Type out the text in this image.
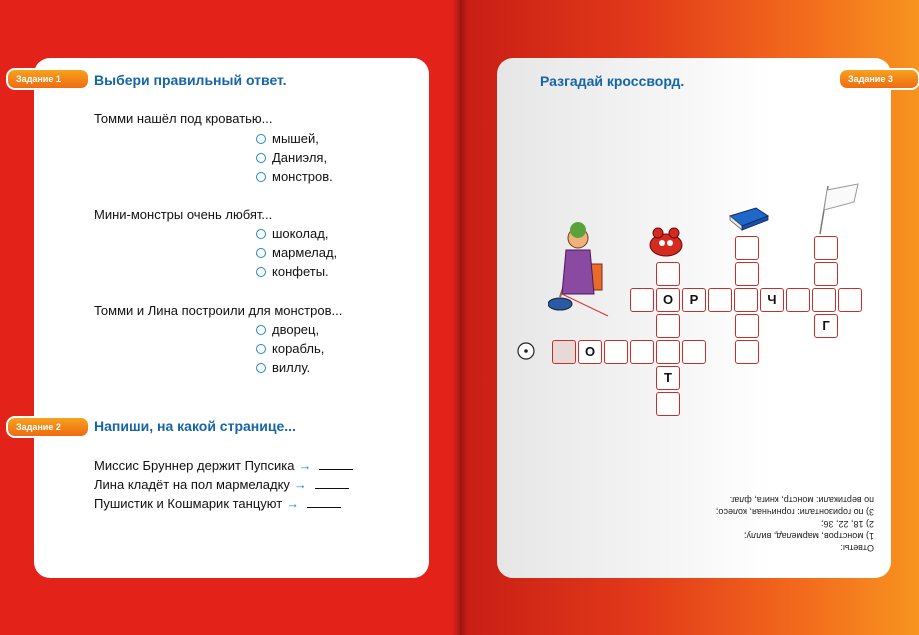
Задание 1	Выбери правильный ответ.
Томми нашёл под кроватью...
мышей,
Даниэля,
монстров.
Мини-монстры очень любят...
шоколад,
мармелад,
конфеты.
Томми и Лина построили для монстров...
дворец,
корабль,
виллу.
Задание 2	Напиши, на какой странице...
Миссис Бруннер держит Пупсика →
Лина кладёт на пол мармеладку →
Пушистик и Кошмарик танцуют →
Задание 3
Разгадай кроссворд.
О
Т
Р	Ч
Г
О
Ответы:
1) монстров, мармелад, виллу;
2) 18, 22, 36;
3) по горизонтали: горничная, колесо;
по вертикали: монстр, книга, флаг.
